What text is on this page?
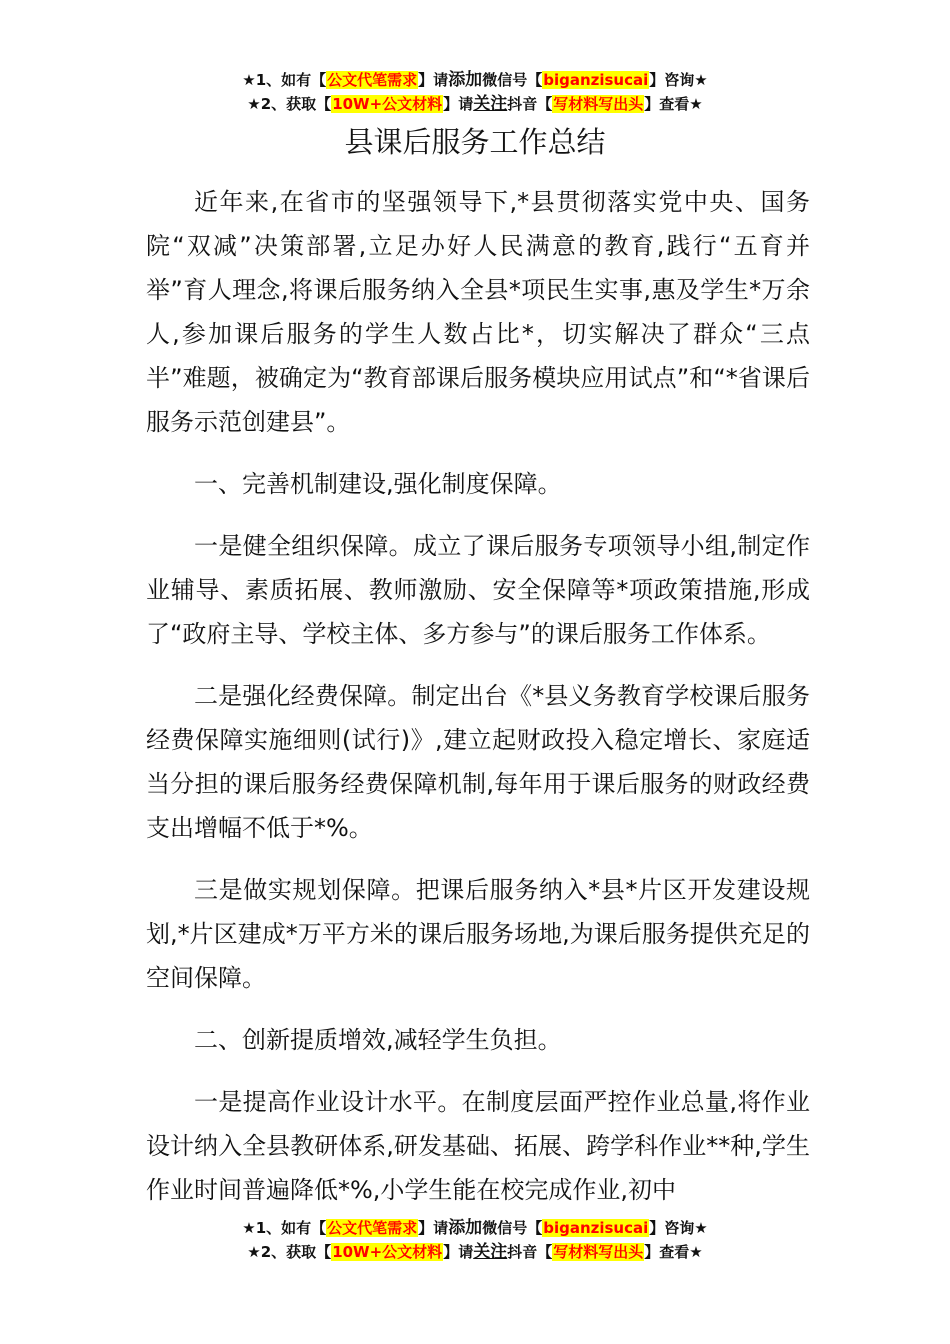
★1、如有【公文代笔需求】请添加微信号【biganzisucai】咨询★
★2、获取【10W+公文材料】请关注抖音【写材料写出头】查看★
县课后服务工作总结

近年来,在省市的坚强领导下,*县贯彻落实党中央、国务院“双减”决策部署,立足办好人民满意的教育,践行“五育并举”育人理念,将课后服务纳入全县*项民生实事,惠及学生*万余人,参加课后服务的学生人数占比*，切实解决了群众“三点半”难题，被确定为“教育部课后服务模块应用试点”和“*省课后服务示范创建县”。

一、完善机制建设,强化制度保障。

一是健全组织保障。成立了课后服务专项领导小组,制定作业辅导、素质拓展、教师激励、安全保障等*项政策措施,形成了“政府主导、学校主体、多方参与”的课后服务工作体系。

二是强化经费保障。制定出台《*县义务教育学校课后服务经费保障实施细则(试行)》,建立起财政投入稳定增长、家庭适当分担的课后服务经费保障机制,每年用于课后服务的财政经费支出增幅不低于*%。

三是做实规划保障。把课后服务纳入*县*片区开发建设规划,*片区建成*万平方米的课后服务场地,为课后服务提供充足的空间保障。

二、创新提质增效,减轻学生负担。

一是提高作业设计水平。在制度层面严控作业总量,将作业设计纳入全县教研体系,研发基础、拓展、跨学科作业**种,学生作业时间普遍降低*%,小学生能在校完成作业,初中

★1、如有【公文代笔需求】请添加微信号【biganzisucai】咨询★
★2、获取【10W+公文材料】请关注抖音【写材料写出头】查看★
